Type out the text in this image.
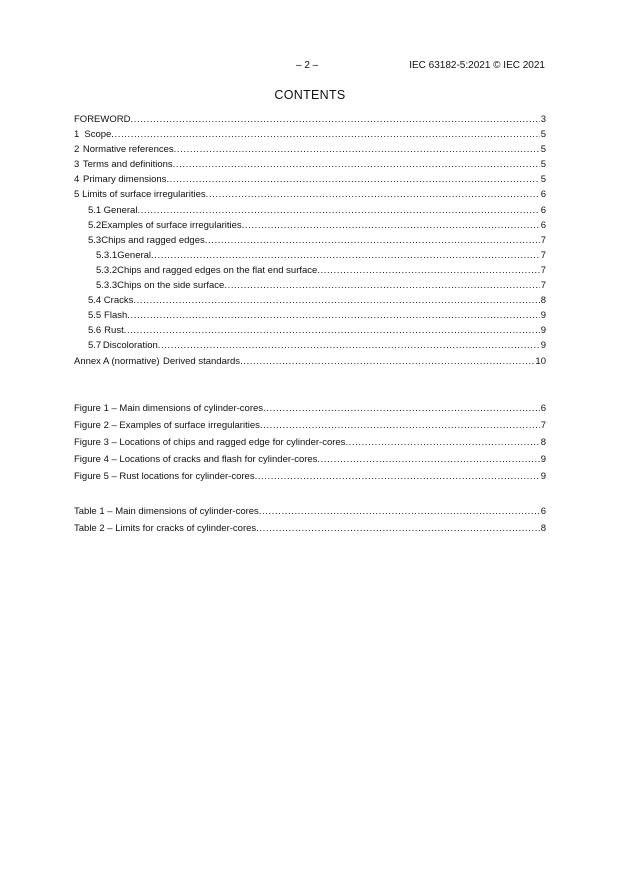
– 2 –	IEC 63182-5:2021 © IEC 2021
CONTENTS
FOREWORD .....	3
1 Scope .....	5
2 Normative references .....	5
3 Terms and definitions .....	5
4 Primary dimensions .....	5
5 Limits of surface irregularities .....	6
5.1 General .....	6
5.2 Examples of surface irregularities .....	6
5.3 Chips and ragged edges .....	7
5.3.1 General .....	7
5.3.2 Chips and ragged edges on the flat end surface .....	7
5.3.3 Chips on the side surface .....	7
5.4 Cracks .....	8
5.5 Flash .....	9
5.6 Rust .....	9
5.7 Discoloration .....	9
Annex A (normative) Derived standards .....	10
Figure 1 – Main dimensions of cylinder-cores .....	6
Figure 2 – Examples of surface irregularities .....	7
Figure 3 – Locations of chips and ragged edge for cylinder-cores .....	8
Figure 4 – Locations of cracks and flash for cylinder-cores .....	9
Figure 5 – Rust locations for cylinder-cores .....	9
Table 1 – Main dimensions of cylinder-cores .....	6
Table 2 – Limits for cracks of cylinder-cores .....	8
